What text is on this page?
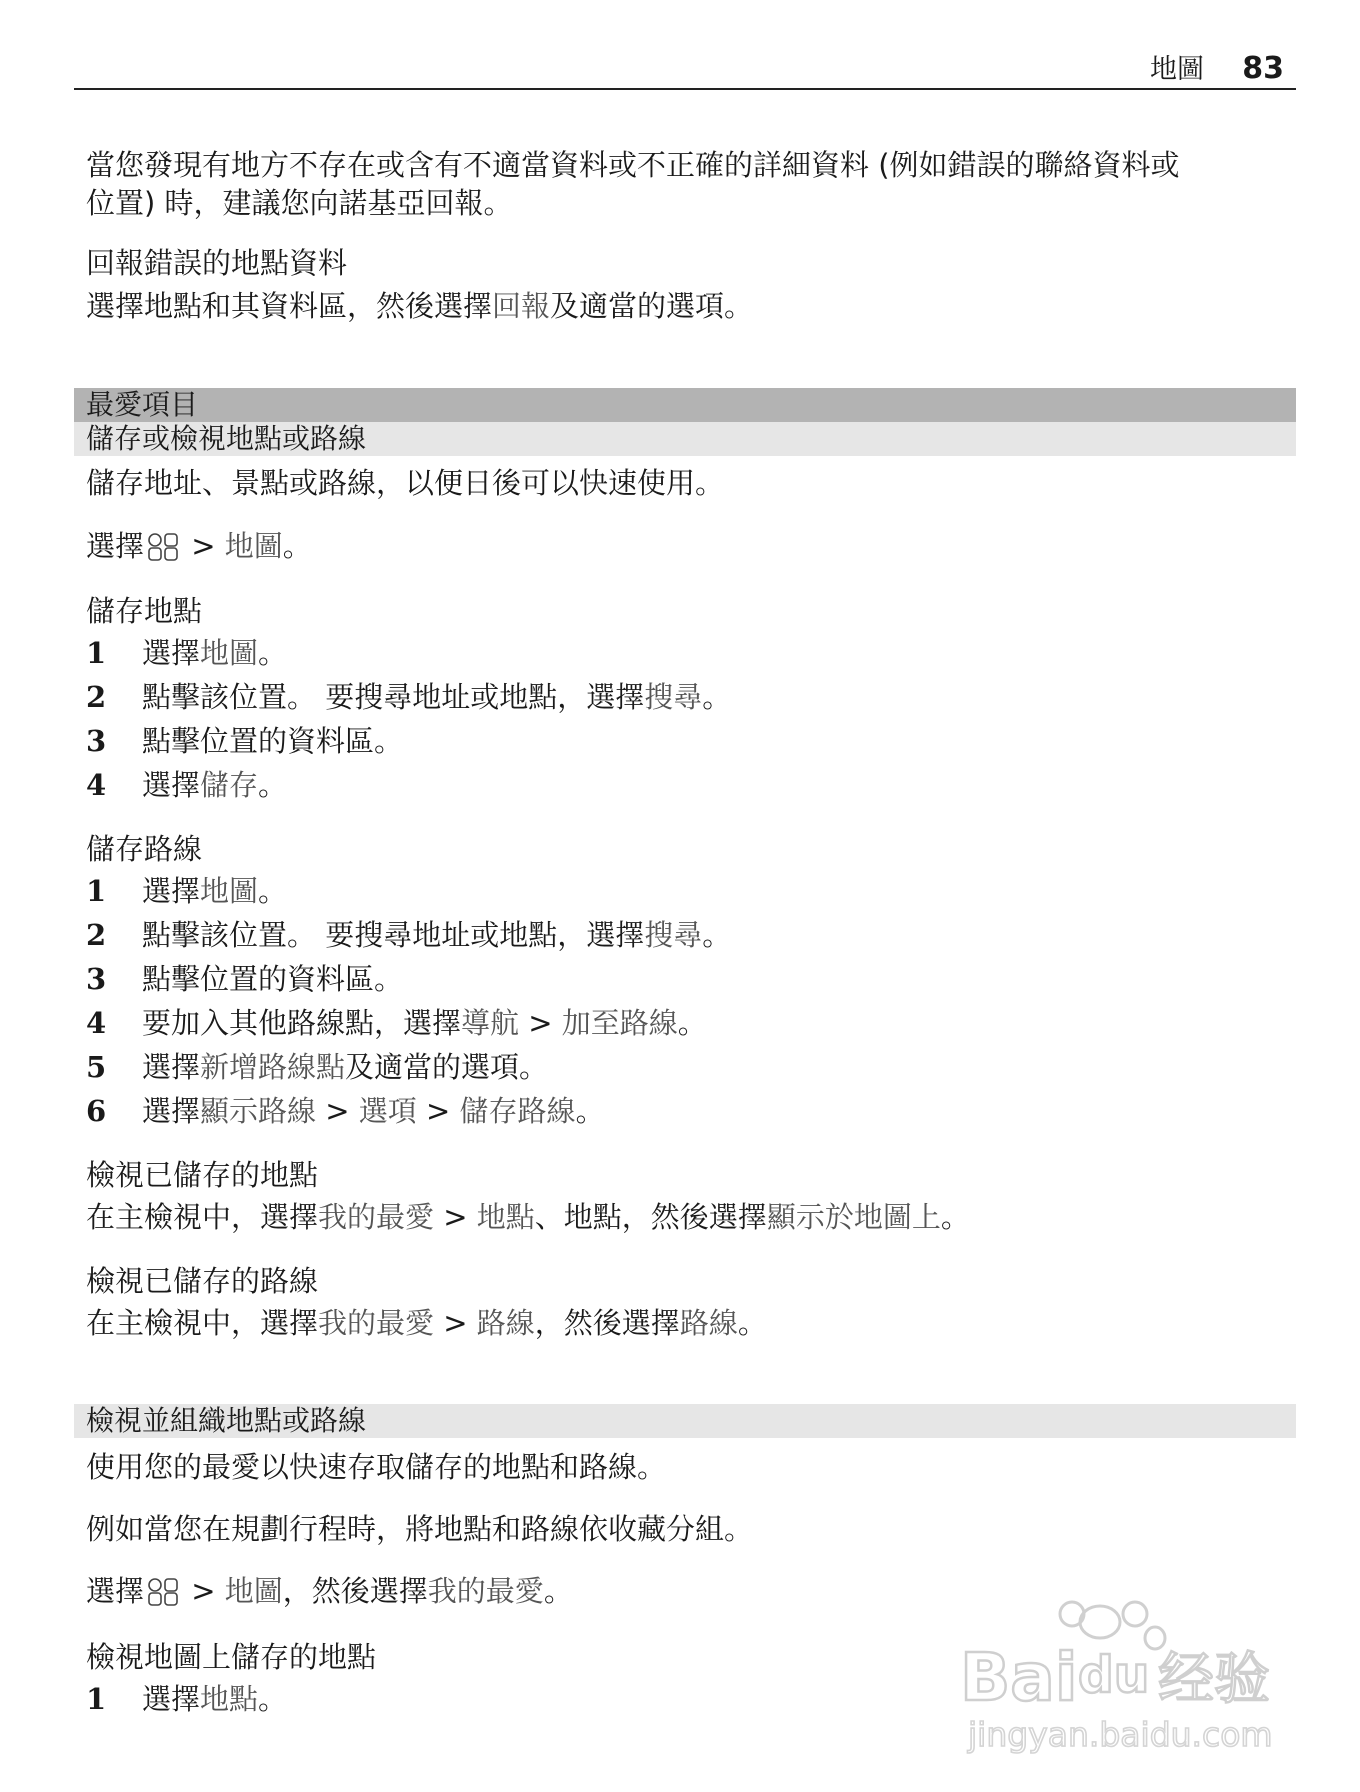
地圖 83
當您發現有地方不存在或含有不適當資料或不正確的詳細資料 (例如錯誤的聯絡資料或
位置) 時，建議您向諾基亞回報。
回報錯誤的地點資料
選擇地點和其資料區，然後選擇回報及適當的選項。
最愛項目
儲存或檢視地點或路線
儲存地址、景點或路線，以便日後可以快速使用。
選擇 > 地圖。
儲存地點
1 選擇地圖。
2 點擊該位置。 要搜尋地址或地點，選擇搜尋。
3 點擊位置的資料區。
4 選擇儲存。
儲存路線
1 選擇地圖。
2 點擊該位置。 要搜尋地址或地點，選擇搜尋。
3 點擊位置的資料區。
4 要加入其他路線點，選擇導航 > 加至路線。
5 選擇新增路線點及適當的選項。
6 選擇顯示路線 > 選項 > 儲存路線。
檢視已儲存的地點
在主檢視中，選擇我的最愛 > 地點、地點，然後選擇顯示於地圖上。
檢視已儲存的路線
在主檢視中，選擇我的最愛 > 路線，然後選擇路線。
檢視並組織地點或路線
使用您的最愛以快速存取儲存的地點和路線。
例如當您在規劃行程時，將地點和路線依收藏分組。
選擇 > 地圖，然後選擇我的最愛。
檢視地圖上儲存的地點
1 選擇地點。	Bai du 经验
jingyan.baidu.com
